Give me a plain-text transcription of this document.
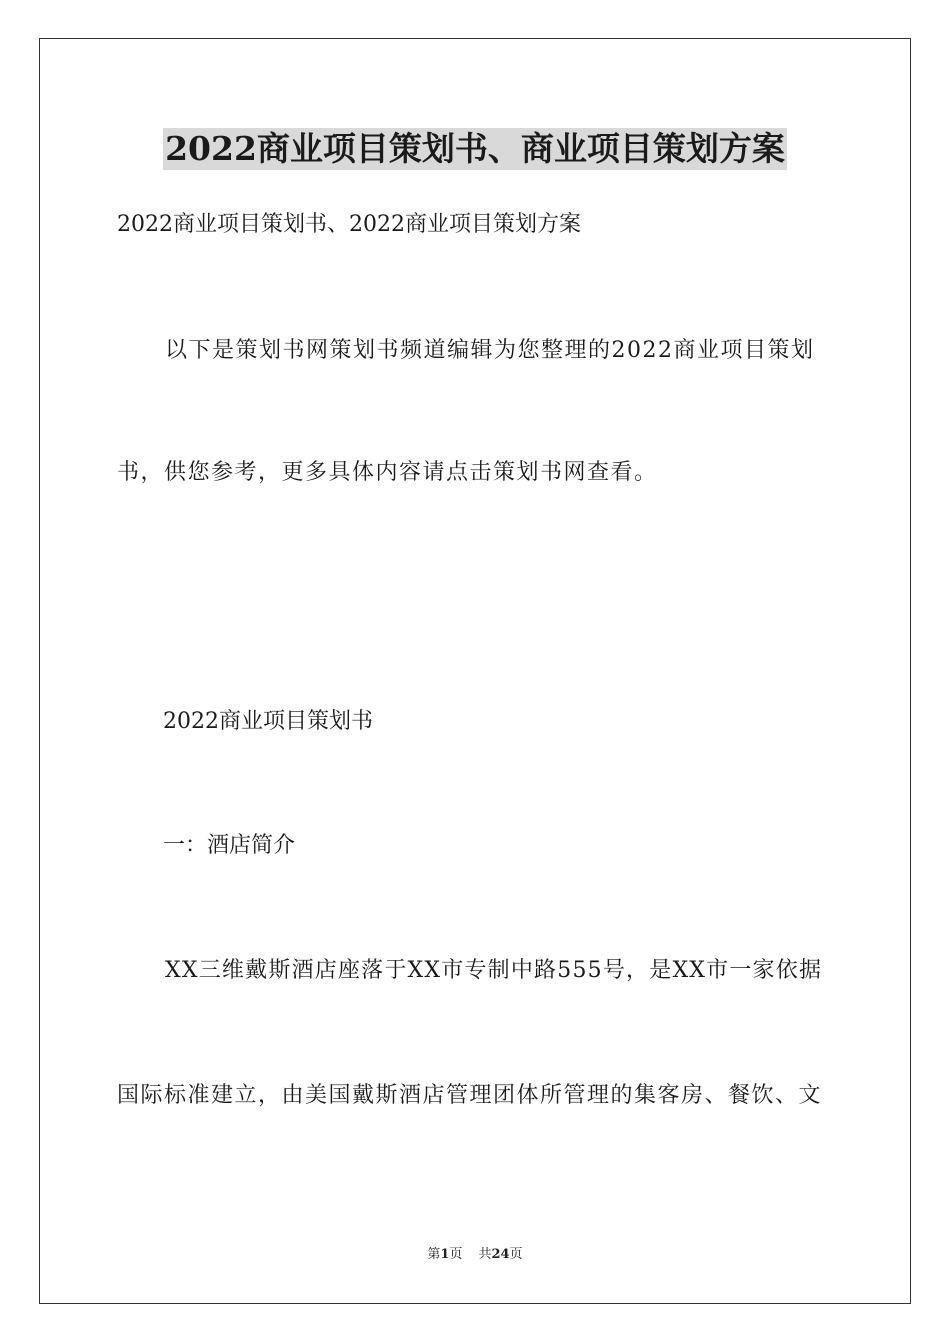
2022商业项目策划书、商业项目策划方案
2022商业项目策划书、2022商业项目策划方案
以下是策划书网策划书频道编辑为您整理的2022商业项目策划
书，供您参考，更多具体内容请点击策划书网查看。
2022商业项目策划书
一：酒店简介
XX三维戴斯酒店座落于XX市专制中路555号，是XX市一家依据
国际标准建立，由美国戴斯酒店管理团体所管理的集客房、餐饮、文
第1页 共24页
